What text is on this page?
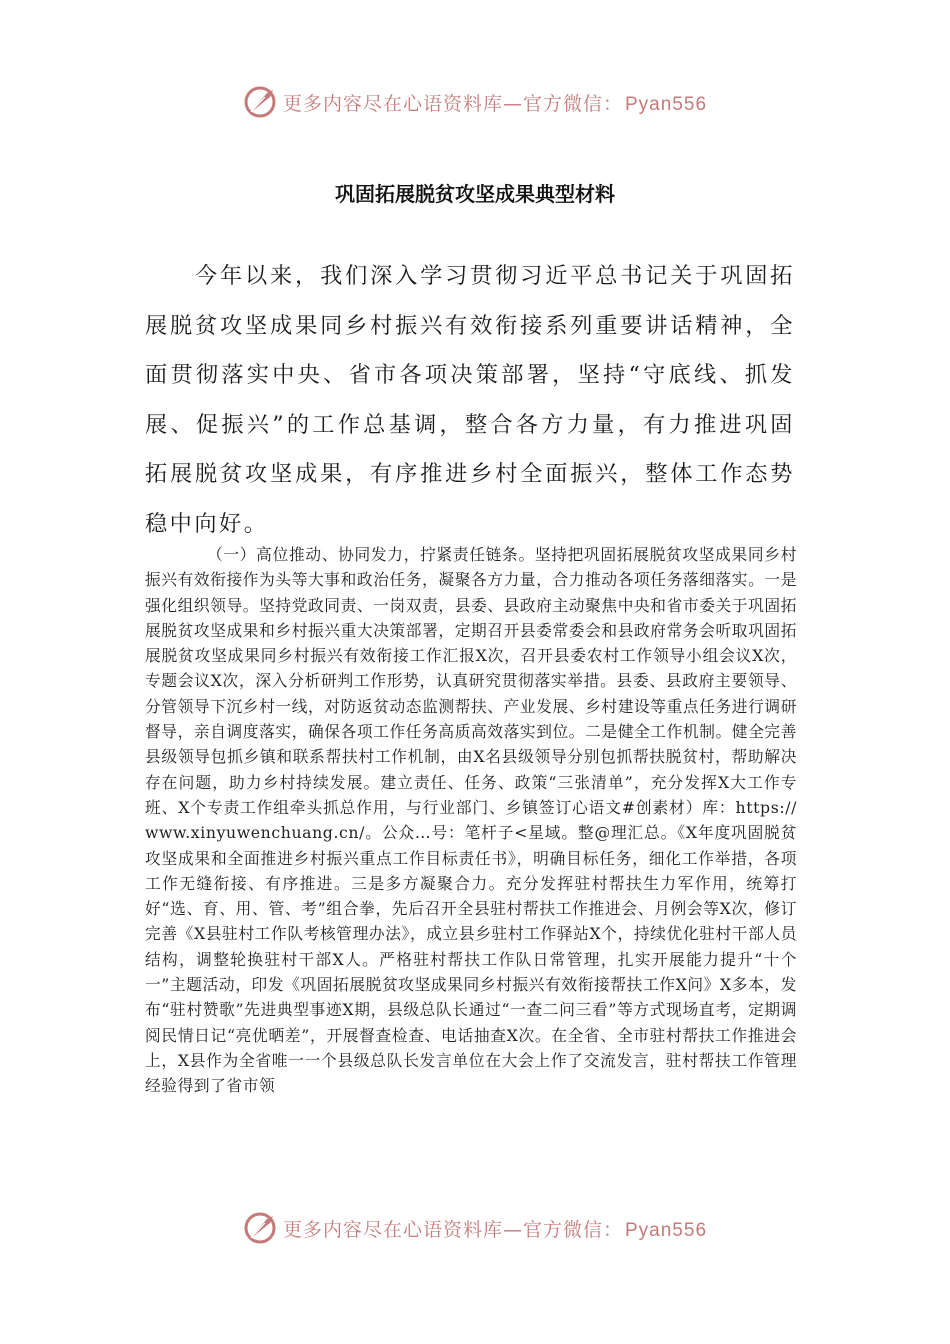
更多内容尽在心语资料库—官方微信： Pyan556
巩固拓展脱贫攻坚成果典型材料

今年以来，我们深入学习贯彻习近平总书记关于巩固拓展脱贫攻坚成果同乡村振兴有效衔接系列重要讲话精神，全面贯彻落实中央、省市各项决策部署，坚持“守底线、抓发展、促振兴”的工作总基调，整合各方力量，有力推进巩固拓展脱贫攻坚成果，有序推进乡村全面振兴，整体工作态势稳中向好。

（一）高位推动、协同发力，拧紧责任链条。坚持把巩固拓展脱贫攻坚成果同乡村振兴有效衔接作为头等大事和政治任务，凝聚各方力量，合力推动各项任务落细落实。一是强化组织领导。坚持党政同责、一岗双责，县委、县政府主动聚焦中央和省市委关于巩固拓展脱贫攻坚成果和乡村振兴重大决策部署，定期召开县委常委会和县政府常务会听取巩固拓展脱贫攻坚成果同乡村振兴有效衔接工作汇报X次，召开县委农村工作领导小组会议X次，专题会议X次，深入分析研判工作形势，认真研究贯彻落实举措。县委、县政府主要领导、分管领导下沉乡村一线，对防返贫动态监测帮扶、产业发展、乡村建设等重点任务进行调研督导，亲自调度落实，确保各项工作任务高质高效落实到位。二是健全工作机制。健全完善县级领导包抓乡镇和联系帮扶村工作机制，由X名县级领导分别包抓帮扶脱贫村，帮助解决存在问题，助力乡村持续发展。建立责任、任务、政策“三张清单”，充分发挥X大工作专班、X个专责工作组牵头抓总作用，与行业部门、乡镇签订心语文#创素材）库：https://www.xinyuwenchuang.cn/。公众…号：笔杆子<星域。整@理汇总。《X年度巩固脱贫攻坚成果和全面推进乡村振兴重点工作目标责任书》，明确目标任务，细化工作举措，各项工作无缝衔接、有序推进。三是多方凝聚合力。充分发挥驻村帮扶生力军作用，统筹打好“选、育、用、管、考”组合拳，先后召开全县驻村帮扶工作推进会、月例会等X次，修订完善《X县驻村工作队考核管理办法》，成立县乡驻村工作驿站X个，持续优化驻村干部人员结构，调整轮换驻村干部X人。严格驻村帮扶工作队日常管理，扎实开展能力提升“十个一”主题活动，印发《巩固拓展脱贫攻坚成果同乡村振兴有效衔接帮扶工作X问》X多本，发布“驻村赞歌”先进典型事迹X期，县级总队长通过“一查二问三看”等方式现场直考，定期调阅民情日记“亮优晒差”，开展督查检查、电话抽查X次。在全省、全市驻村帮扶工作推进会上，X县作为全省唯一一个县级总队长发言单位在大会上作了交流发言，驻村帮扶工作管理经验得到了省市领

更多内容尽在心语资料库—官方微信： Pyan556
